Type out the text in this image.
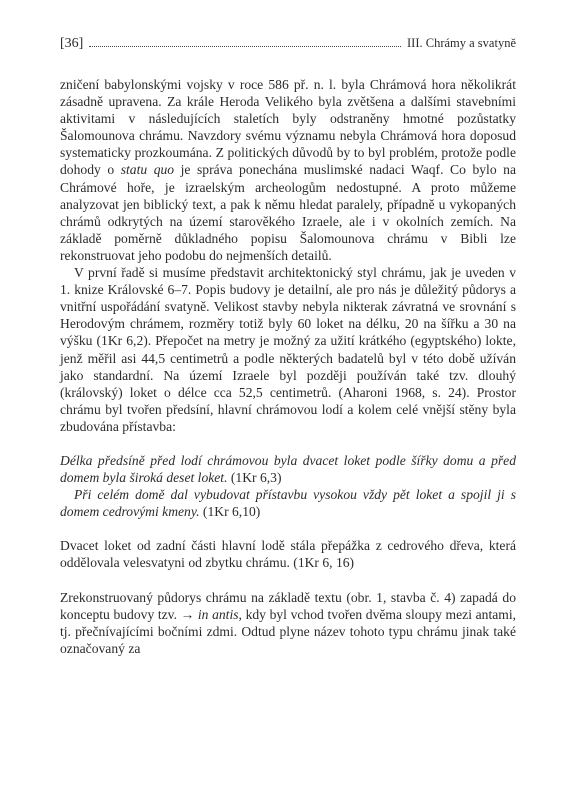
[36]	III. Chrámy a svatyně

zničení babylonskými vojsky v roce 586 př. n. l. byla Chrámová hora několikrát zásadně upravena. Za krále Heroda Velikého byla zvětšena a dalšími stavebními aktivitami v následujících staletích byly odstraněny hmotné pozůstatky Šalomounova chrámu. Navzdory svému významu nebyla Chrámová hora doposud systematicky prozkoumána. Z politických důvodů by to byl problém, protože podle dohody o statu quo je správa ponechána muslimské nadaci Waqf. Co bylo na Chrámové hoře, je izraelským archeologům nedostupné. A proto můžeme analyzovat jen biblický text, a pak k němu hledat paralely, případně u vykopaných chrámů odkrytých na území starověkého Izraele, ale i v okolních zemích. Na základě poměrně důkladného popisu Šalomounova chrámu v Bibli lze rekonstruovat jeho podobu do nejmenších detailů.

V první řadě si musíme představit architektonický styl chrámu, jak je uveden v 1. knize Královské 6–7. Popis budovy je detailní, ale pro nás je důležitý půdorys a vnitřní uspořádání svatyně. Velikost stavby nebyla nikterak závratná ve srovnání s Herodovým chrámem, rozměry totiž byly 60 loket na délku, 20 na šířku a 30 na výšku (1Kr 6,2). Přepočet na metry je možný za užití krátkého (egyptského) lokte, jenž měřil asi 44,5 centimetrů a podle některých badatelů byl v této době užíván jako standardní. Na území Izraele byl později používán také tzv. dlouhý (královský) loket o délce cca 52,5 centimetrů. (Aharoni 1968, s. 24). Prostor chrámu byl tvořen předsíní, hlavní chrámovou lodí a kolem celé vnější stěny byla zbudována přístavba:

Délka předsíně před lodí chrámovou byla dvacet loket podle šířky domu a před domem byla široká deset loket. (1Kr 6,3)

Při celém domě dal vybudovat přístavbu vysokou vždy pět loket a spojil ji s domem cedrovými kmeny. (1Kr 6,10)

Dvacet loket od zadní části hlavní lodě stála přepážka z cedrového dřeva, která oddělovala velesvatyni od zbytku chrámu. (1Kr 6, 16)

Zrekonstruovaný půdorys chrámu na základě textu (obr. 1, stavba č. 4) zapadá do konceptu budovy tzv. → in antis, kdy byl vchod tvořen dvěma sloupy mezi antami, tj. přečnívajícími bočními zdmi. Odtud plyne název tohoto typu chrámu jinak také označovaný za
